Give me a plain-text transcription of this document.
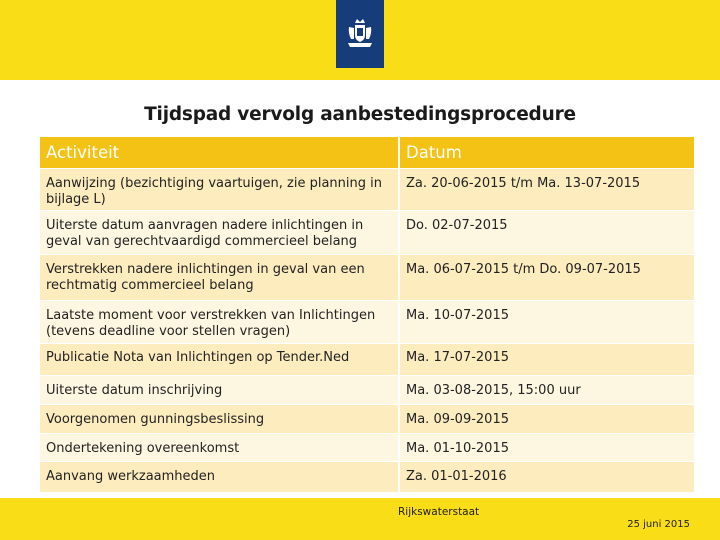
Tijdspad vervolg aanbestedingsprocedure
Activiteit	Datum
Aanwijzing (bezichtiging vaartuigen, zie planning in bijlage L)	Za. 20-06-2015 t/m Ma. 13-07-2015
Uiterste datum aanvragen nadere inlichtingen in geval van gerechtvaardigd commercieel belang	Do. 02-07-2015
Verstrekken nadere inlichtingen in geval van een rechtmatig commercieel belang	Ma. 06-07-2015 t/m Do. 09-07-2015
Laatste moment voor verstrekken van Inlichtingen (tevens deadline voor stellen vragen)	Ma. 10-07-2015
Publicatie Nota van Inlichtingen op Tender.Ned	Ma. 17-07-2015
Uiterste datum inschrijving	Ma. 03-08-2015, 15:00 uur
Voorgenomen gunningsbeslissing	Ma. 09-09-2015
Ondertekening overeenkomst	Ma. 01-10-2015
Aanvang werkzaamheden	Za. 01-01-2016
Rijkswaterstaat
25 juni 2015
